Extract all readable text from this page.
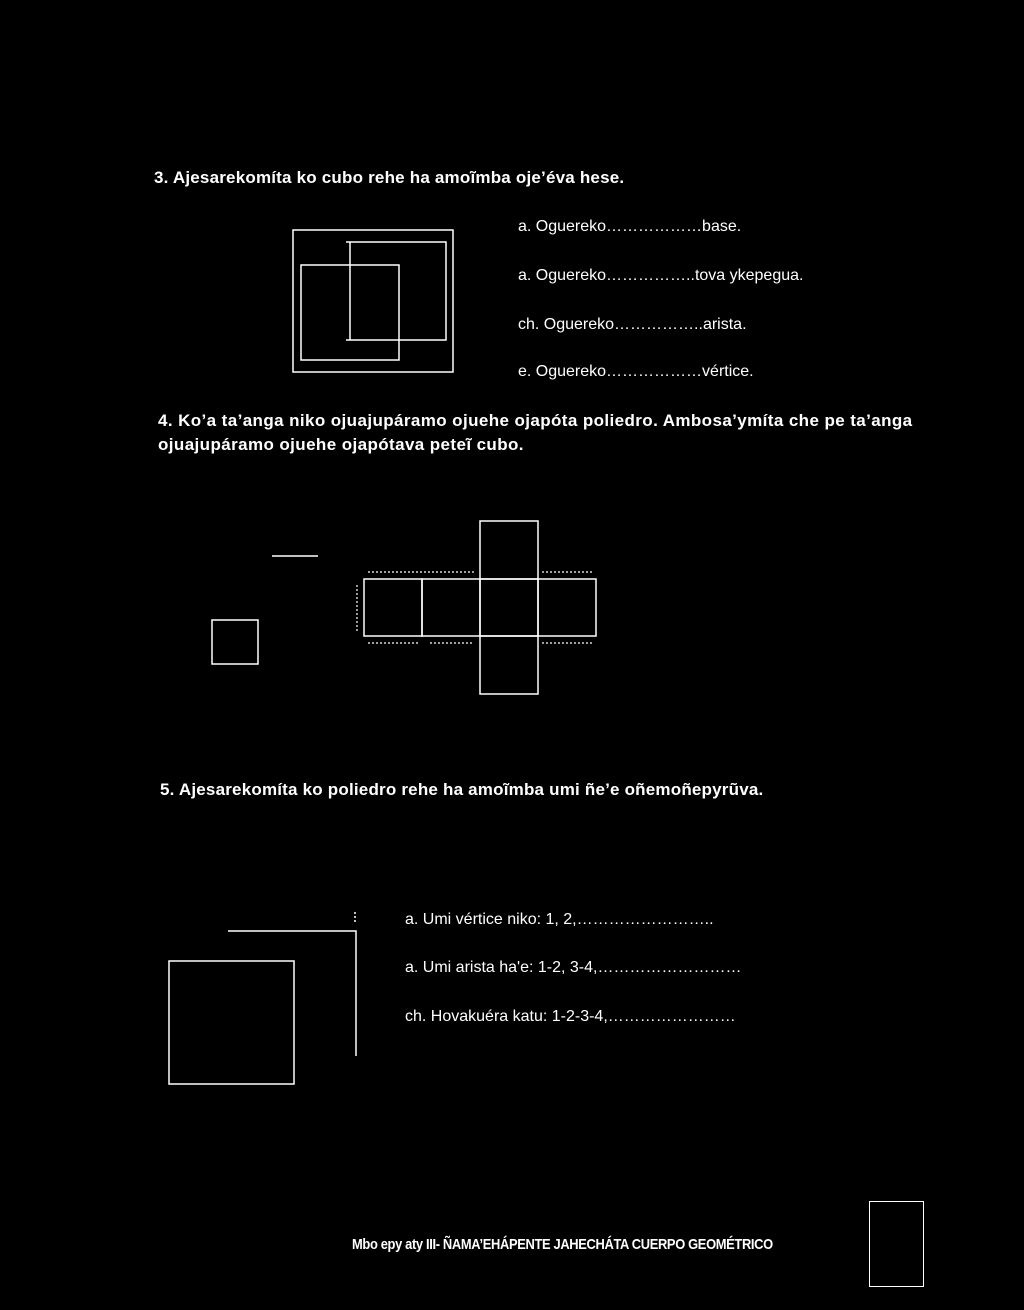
3. Ajesarekomíta ko cubo rehe ha amoĩmba oje’éva hese.
a. Oguereko………………base.
a. Oguereko……………..tova ykepegua.
ch. Oguereko……………..arista.
e. Oguereko………………vértice.
4. Ko’a ta’anga niko ojuajupáramo ojuehe ojapóta poliedro. Ambosa’ymíta che pe ta’anga ojuajupáramo ojuehe ojapótava peteĩ cubo.
5. Ajesarekomíta ko poliedro rehe ha amoĩmba umi ñe’e oñemoñepyrũva.
a. Umi vértice niko: 1, 2,……………………..
a. Umi arista ha'e: 1-2, 3-4,………………………
ch. Hovakuéra katu: 1-2-3-4,……………………
Mbo epy aty III- ÑAMA’EHÁPENTE JAHECHÁTA CUERPO GEOMÉTRICO
